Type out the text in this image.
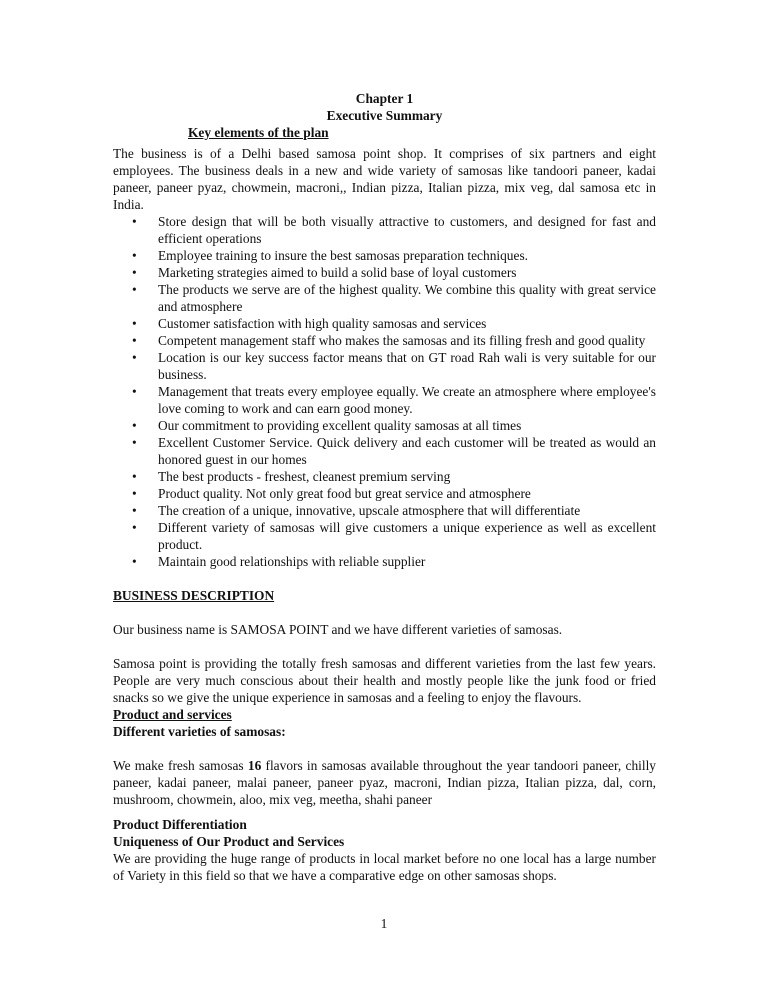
Chapter 1
Executive Summary
Key elements of the plan

The business is of a Delhi based samosa point shop. It comprises of six partners and eight employees. The business deals in a new and wide variety of samosas like tandoori paneer, kadai paneer, paneer pyaz, chowmein, macroni,, Indian pizza, Italian pizza, mix veg, dal samosa etc in India.

• Store design that will be both visually attractive to customers, and designed for fast and efficient operations
• Employee training to insure the best samosas preparation techniques.
• Marketing strategies aimed to build a solid base of loyal customers
• The products we serve are of the highest quality. We combine this quality with great service and atmosphere
• Customer satisfaction with high quality samosas and services
• Competent management staff who makes the samosas and its filling fresh and good quality
• Location is our key success factor means that on GT road Rah wali is very suitable for our business.
• Management that treats every employee equally. We create an atmosphere where employee's love coming to work and can earn good money.
• Our commitment to providing excellent quality samosas at all times
• Excellent Customer Service. Quick delivery and each customer will be treated as would an honored guest in our homes
• The best products - freshest, cleanest premium serving
• Product quality. Not only great food but great service and atmosphere
• The creation of a unique, innovative, upscale atmosphere that will differentiate
• Different variety of samosas will give customers a unique experience as well as excellent product.
• Maintain good relationships with reliable supplier
BUSINESS DESCRIPTION

Our business name is SAMOSA POINT and we have different varieties of samosas.

Samosa point is providing the totally fresh samosas and different varieties from the last few years. People are very much conscious about their health and mostly people like the junk food or fried snacks so we give the unique experience in samosas and a feeling to enjoy the flavours.

Product and services
Different varieties of samosas:

We make fresh samosas 16 flavors in samosas available throughout the year tandoori paneer, chilly paneer, kadai paneer, malai paneer, paneer pyaz, macroni, Indian pizza, Italian pizza, dal, corn, mushroom, chowmein, aloo, mix veg, meetha, shahi paneer

Product Differentiation
Uniqueness of Our Product and Services

We are providing the huge range of products in local market before no one local has a large number of Variety in this field so that we have a comparative edge on other samosas shops.

1
